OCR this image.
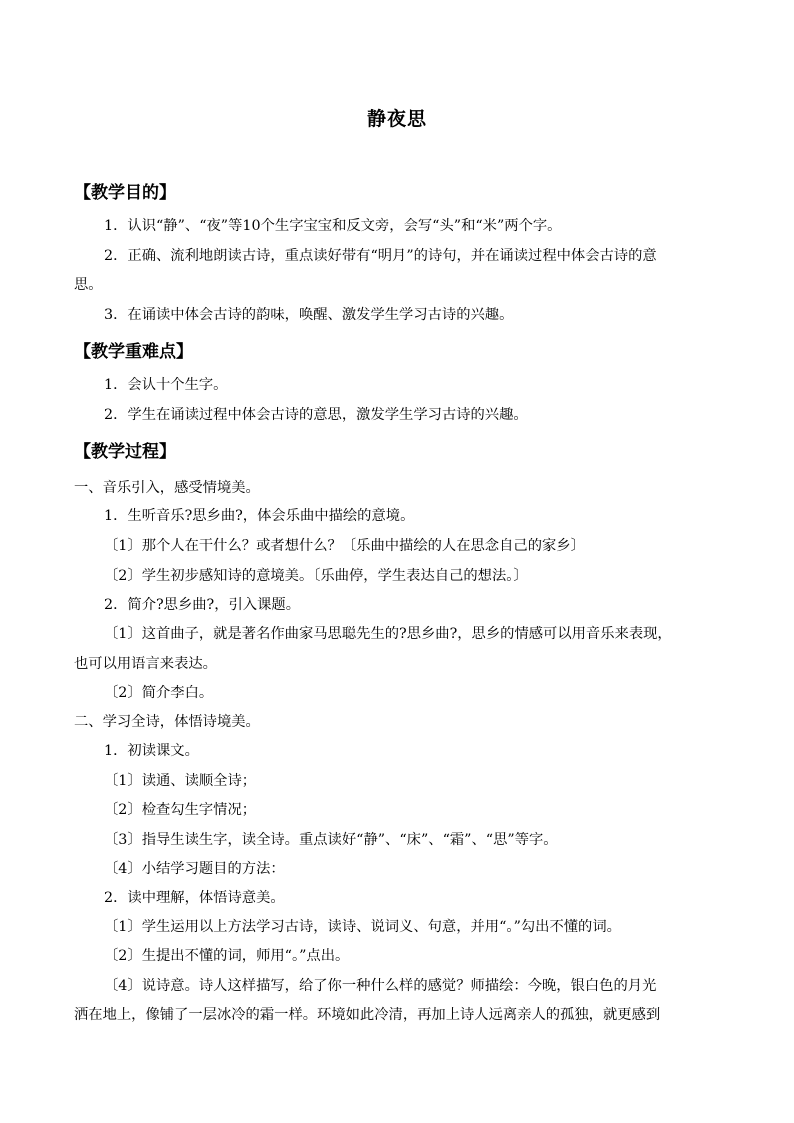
静夜思
【教学目的】
1．认识“静”、“夜”等10个生字宝宝和反文旁，会写“头”和“米”两个字。
2．正确、流利地朗读古诗，重点读好带有“明月”的诗句，并在诵读过程中体会古诗的意
思。
3．在诵读中体会古诗的韵味，唤醒、激发学生学习古诗的兴趣。
【教学重难点】
1．会认十个生字。
2．学生在诵读过程中体会古诗的意思，激发学生学习古诗的兴趣。
【教学过程】
一、音乐引入，感受情境美。
1．生听音乐?思乡曲?，体会乐曲中描绘的意境。
〔1〕那个人在干什么？或者想什么？〔乐曲中描绘的人在思念自己的家乡〕
〔2〕学生初步感知诗的意境美。〔乐曲停，学生表达自己的想法。〕
2．简介?思乡曲?，引入课题。
〔1〕这首曲子，就是著名作曲家马思聪先生的?思乡曲?，思乡的情感可以用音乐来表现，
也可以用语言来表达。
〔2〕简介李白。
二、学习全诗，体悟诗境美。
1．初读课文。
〔1〕读通、读顺全诗；
〔2〕检查勾生字情况；
〔3〕指导生读生字，读全诗。重点读好“静”、“床”、“霜”、“思”等字。
〔4〕小结学习题目的方法：
2．读中理解，体悟诗意美。
〔1〕学生运用以上方法学习古诗，读诗、说词义、句意，并用“。”勾出不懂的词。
〔2〕生提出不懂的词，师用“。”点出。
〔4〕说诗意。诗人这样描写，给了你一种什么样的感觉？师描绘：今晚，银白色的月光
洒在地上，像铺了一层冰冷的霜一样。环境如此冷清，再加上诗人远离亲人的孤独，就更感到
